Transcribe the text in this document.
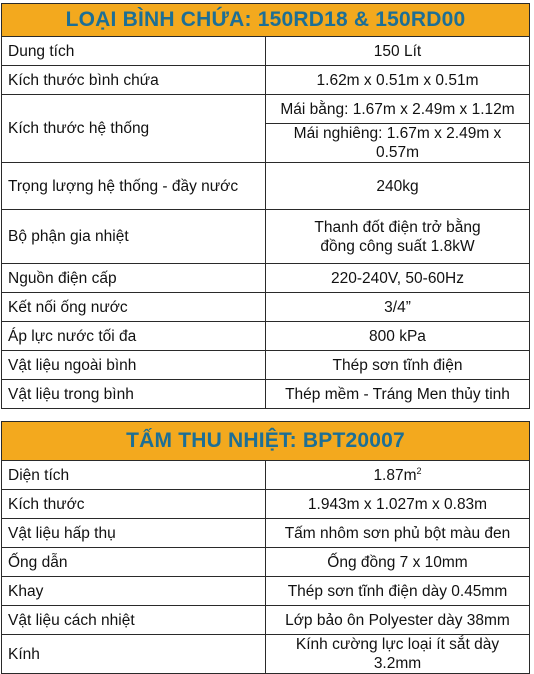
LOẠI BÌNH CHỨA: 150RD18 & 150RD00	
Dung tích	150 Lít
Kích thước bình chứa	1.62m x 0.51m x 0.51m
Kích thước hệ thống	Mái bằng: 1.67m x 2.49m x 1.12m
	Mái nghiêng: 1.67m x 2.49m x 0.57m
Trọng lượng hệ thống - đầy nước	240kg
Bộ phận gia nhiệt	Thanh đốt điện trở bằng đồng công suất 1.8kW
Nguồn điện cấp	220-240V, 50-60Hz
Kết nối ống nước	3/4”
Áp lực nước tối đa	800 kPa
Vật liệu ngoài bình	Thép sơn tĩnh điện
Vật liệu trong bình	Thép mềm - Tráng Men thủy tinh
TẤM THU NHIỆT: BPT20007	
Diện tích	$1.87m^2$
Kích thước	1.943m x 1.027m x 0.83m
Vật liệu hấp thụ	Tấm nhôm sơn phủ bột màu đen
Ống dẫn	Ống đồng 7 x 10mm
Khay	Thép sơn tĩnh điện dày 0.45mm
Vật liệu cách nhiệt	Lớp bảo ôn Polyester dày 38mm
Kính	Kính cường lực loại ít sắt dày 3.2mm
